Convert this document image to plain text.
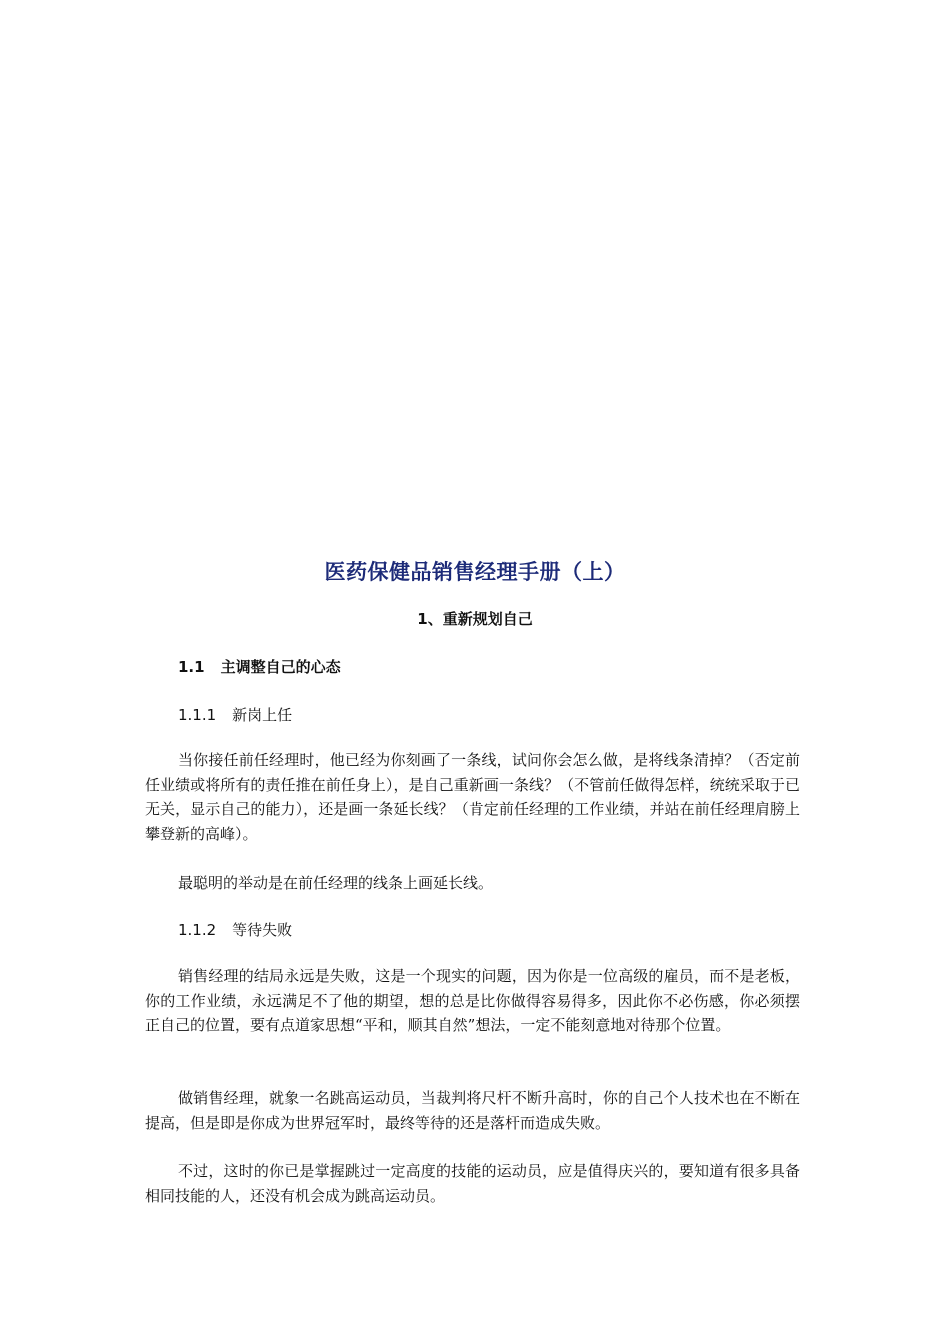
医药保健品销售经理手册（上）
1、重新规划自己
1.1 主调整自己的心态
1.1.1 新岗上任

当你接任前任经理时，他已经为你刻画了一条线，试问你会怎么做，是将线条清掉？（否定前任业绩或将所有的责任推在前任身上），是自己重新画一条线？（不管前任做得怎样，统统采取于已无关，显示自己的能力），还是画一条延长线？（肯定前任经理的工作业绩，并站在前任经理肩膀上攀登新的高峰）。

最聪明的举动是在前任经理的线条上画延长线。

1.1.2 等待失败

销售经理的结局永远是失败，这是一个现实的问题，因为你是一位高级的雇员，而不是老板，你的工作业绩，永远满足不了他的期望，想的总是比你做得容易得多，因此你不必伤感，你必须摆正自己的位置，要有点道家思想“平和，顺其自然”想法，一定不能刻意地对待那个位置。

做销售经理，就象一名跳高运动员，当裁判将尺杆不断升高时，你的自己个人技术也在不断在提高，但是即是你成为世界冠军时，最终等待的还是落杆而造成失败。

不过，这时的你已是掌握跳过一定高度的技能的运动员，应是值得庆兴的，要知道有很多具备相同技能的人，还没有机会成为跳高运动员。
